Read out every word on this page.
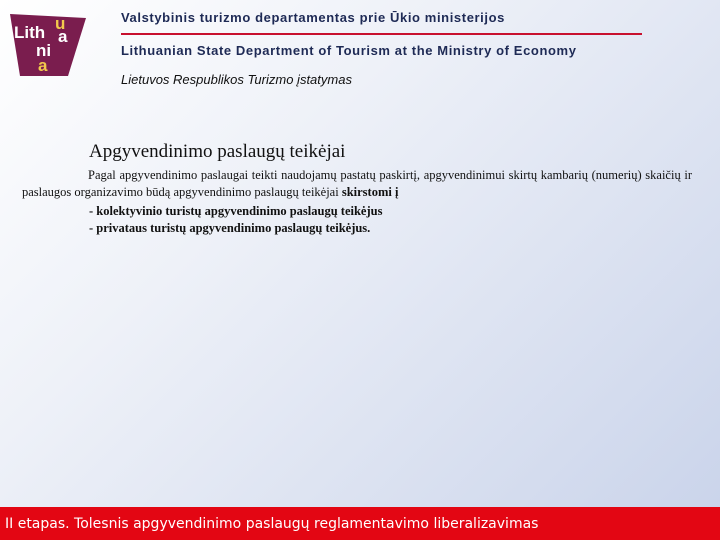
Lith u
a
ni
a
Valstybinis turizmo departamentas prie Ūkio ministerijos
Lithuanian State Department of Tourism at the Ministry of Economy
Lietuvos Respublikos Turizmo įstatymas
Apgyvendinimo paslaugų teikėjai
Pagal apgyvendinimo paslaugai teikti naudojamų pastatų paskirtį, apgyvendinimui skirtų kambarių (numerių) skaičių ir paslaugos organizavimo būdą apgyvendinimo paslaugų teikėjai skirstomi į
- kolektyvinio turistų apgyvendinimo paslaugų teikėjus
- privataus turistų apgyvendinimo paslaugų teikėjus.
II etapas. Tolesnis apgyvendinimo paslaugų reglamentavimo liberalizavimas
